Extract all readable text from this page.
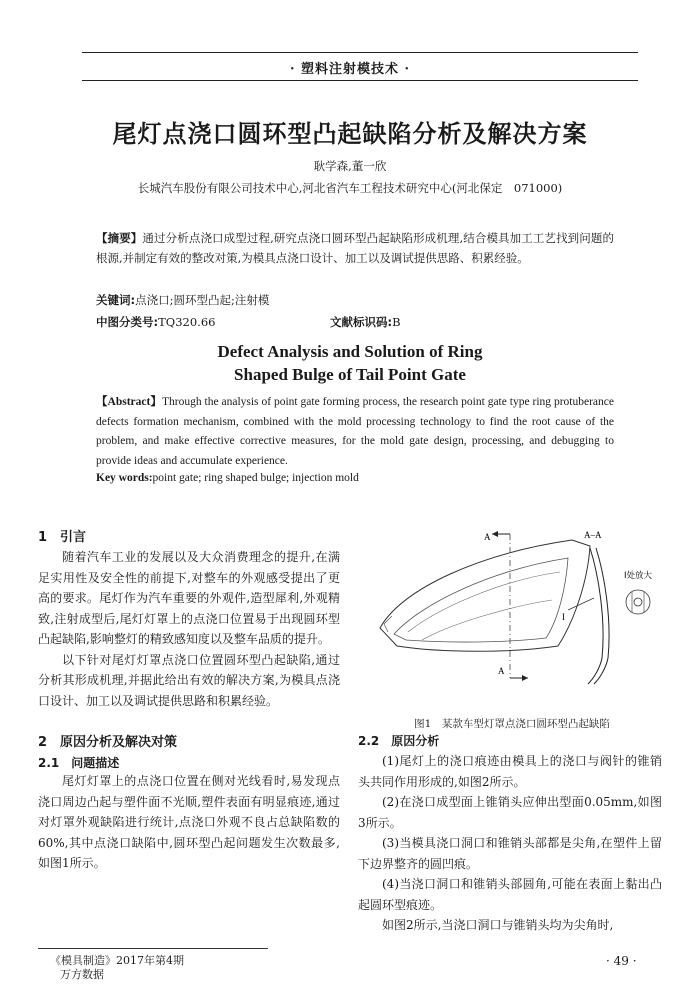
· 塑料注射模技术 ·
尾灯点浇口圆环型凸起缺陷分析及解决方案
耿学森,董一欣
长城汽车股份有限公司技术中心,河北省汽车工程技术研究中心(河北保定　071000)
【摘要】通过分析点浇口成型过程,研究点浇口圆环型凸起缺陷形成机理,结合模具加工工艺找到问题的根源,并制定有效的整改对策,为模具点浇口设计、加工以及调试提供思路、积累经验。
关键词:点浇口;圆环型凸起;注射模
中图分类号:TQ320.66	文献标识码:B
Defect Analysis and Solution of Ring
Shaped Bulge of Tail Point Gate
【Abstract】Through the analysis of point gate forming process, the research point gate type ring protuberance defects formation mechanism, combined with the mold processing technology to find the root cause of the problem, and make effective corrective measures, for the mold gate design, processing, and debugging to provide ideas and accumulate experience.
Key words:point gate; ring shaped bulge; injection mold
1　引言
随着汽车工业的发展以及大众消费理念的提升,在满足实用性及安全性的前提下,对整车的外观感受提出了更高的要求。尾灯作为汽车重要的外观件,造型犀利,外观精致,注射成型后,尾灯灯罩上的点浇口位置易于出现圆环型凸起缺陷,影响整灯的精致感知度以及整车品质的提升。
以下针对尾灯灯罩点浇口位置圆环型凸起缺陷,通过分析其形成机理,并据此给出有效的解决方案,为模具点浇口设计、加工以及调试提供思路和积累经验。
2　原因分析及解决对策
2.1　问题描述
尾灯灯罩上的点浇口位置在侧对光线看时,易发现点浇口周边凸起与塑件面不光顺,塑件表面有明显痕迹,通过对灯罩外观缺陷进行统计,点浇口外观不良占总缺陷数的60%,其中点浇口缺陷中,圆环型凸起问题发生次数最多,如图1所示。
A
A
A–A
I
I处放大
图1　某款车型灯罩点浇口圆环型凸起缺陷
2.2　原因分析
(1)尾灯上的浇口痕迹由模具上的浇口与阀针的锥销头共同作用形成的,如图2所示。
(2)在浇口成型面上锥销头应伸出型面0.05mm,如图3所示。
(3)当模具浇口洞口和锥销头部都是尖角,在塑件上留下边界整齐的圆凹痕。
(4)当浇口洞口和锥销头部圆角,可能在表面上黏出凸起圆环型痕迹。
如图2所示,当浇口洞口与锥销头均为尖角时,
《模具制造》2017年第4期
万方数据
· 49 ·
